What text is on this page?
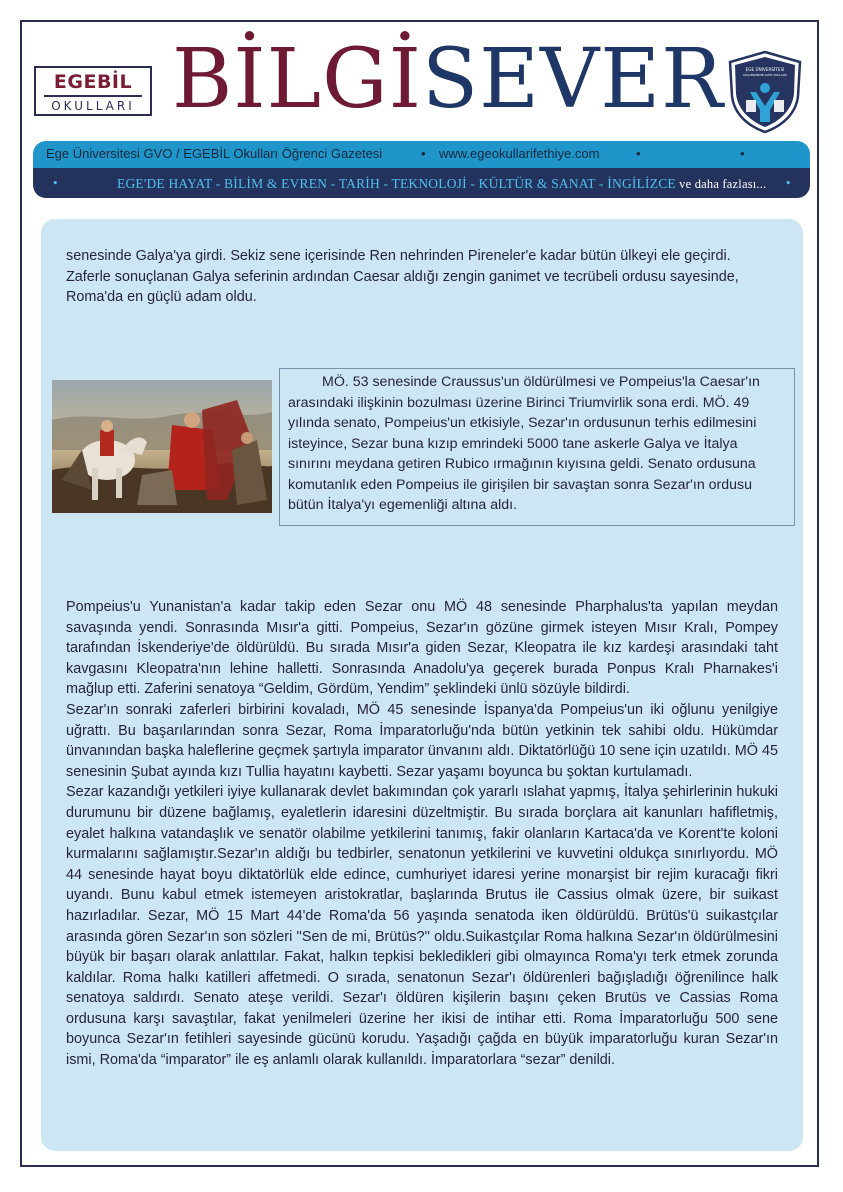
EGEBİL
OKULLARI BİLGİSEVER	EGE ÜNİVERSİTESİ
GÜÇLENDİRME VAKFI OKULLARI
Ege Üniversitesi GVO / EGEBİL Okulları Öğrenci Gazetesi	• www.egeokullarifethiye.com	•	•
•	EGE'DE HAYAT - BİLİM & EVREN - TARİH - TEKNOLOJİ - KÜLTÜR & SANAT - İNGİLİZCE ve daha fazlası... •
senesinde Galya'ya girdi. Sekiz sene içerisinde Ren nehrinden Pireneler'e kadar bütün ülkeyi ele geçirdi. Zaferle sonuçlanan Galya seferinin ardından Caesar aldığı zengin ganimet ve tecrübeli ordusu sayesinde, Roma'da en güçlü adam oldu.
MÖ. 53 senesinde Craussus'un öldürülmesi ve Pompeius'la Caesar'ın arasındaki ilişkinin bozulması üzerine Birinci Triumvirlik sona erdi. MÖ. 49 yılında senato, Pompeius'un etkisiyle, Sezar'ın ordusunun terhis edilmesini isteyince, Sezar buna kızıp emrindeki 5000 tane askerle Galya ve İtalya sınırını meydana getiren Rubico ırmağının kıyısına geldi. Senato ordusuna komutanlık eden Pompeius ile girişilen bir savaştan sonra Sezar'ın ordusu bütün İtalya'yı egemenliği altına aldı.

Pompeius'u Yunanistan'a kadar takip eden Sezar onu MÖ 48 senesinde Pharphalus'ta yapılan meydan savaşında yendi. Sonrasında Mısır'a gitti. Pompeius, Sezar'ın gözüne girmek isteyen Mısır Kralı, Pompey tarafından İskenderiye'de öldürüldü. Bu sırada Mısır'a giden Sezar, Kleopatra ile kız kardeşi arasındaki taht kavgasını Kleopatra'nın lehine halletti. Sonrasında Anadolu'ya geçerek burada Ponpus Kralı Pharnakes'i mağlup etti. Zaferini senatoya “Geldim, Gördüm, Yendim” şeklindeki ünlü sözüyle bildirdi.

Sezar'ın sonraki zaferleri birbirini kovaladı, MÖ 45 senesinde İspanya'da Pompeius'un iki oğlunu yenilgiye uğrattı. Bu başarılarından sonra Sezar, Roma İmparatorluğu'nda bütün yetkinin tek sahibi oldu. Hükümdar ünvanından başka haleflerine geçmek şartıyla imparator ünvanını aldı. Diktatörlüğü 10 sene için uzatıldı. MÖ 45 senesinin Şubat ayında kızı Tullia hayatını kaybetti. Sezar yaşamı boyunca bu şoktan kurtulamadı.

Sezar kazandığı yetkileri iyiye kullanarak devlet bakımından çok yararlı ıslahat yapmış, İtalya şehirlerinin hukuki durumunu bir düzene bağlamış, eyaletlerin idaresini düzeltmiştir. Bu sırada borçlara ait kanunları hafifletmiş, eyalet halkına vatandaşlık ve senatör olabilme yetkilerini tanımış, fakir olanların Kartaca'da ve Korent'te koloni kurmalarını sağlamıştır.Sezar'ın aldığı bu tedbirler, senatonun yetkilerini ve kuvvetini oldukça sınırlıyordu. MÖ 44 senesinde hayat boyu diktatörlük elde edince, cumhuriyet idaresi yerine monarşist bir rejim kuracağı fikri uyandı. Bunu kabul etmek istemeyen aristokratlar, başlarında Brutus ile Cassius olmak üzere, bir suikast hazırladılar. Sezar, MÖ 15 Mart 44'de Roma'da 56 yaşında senatoda iken öldürüldü. Brütüs'ü suikastçılar arasında gören Sezar'ın son sözleri ''Sen de mi, Brütüs?'' oldu.Suikastçılar Roma halkına Sezar'ın öldürülmesini büyük bir başarı olarak anlattılar. Fakat, halkın tepkisi bekledikleri gibi olmayınca Roma'yı terk etmek zorunda kaldılar. Roma halkı katilleri affetmedi. O sırada, senatonun Sezar'ı öldürenleri bağışladığı öğrenilince halk senatoya saldırdı. Senato ateşe verildi. Sezar'ı öldüren kişilerin başını çeken Brutüs ve Cassias Roma ordusuna karşı savaştılar, fakat yenilmeleri üzerine her ikisi de intihar etti. Roma İmparatorluğu 500 sene boyunca Sezar'ın fetihleri sayesinde gücünü korudu. Yaşadığı çağda en büyük imparatorluğu kuran Sezar'ın ismi, Roma'da “imparator” ile eş anlamlı olarak kullanıldı. İmparatorlara “sezar” denildi.
